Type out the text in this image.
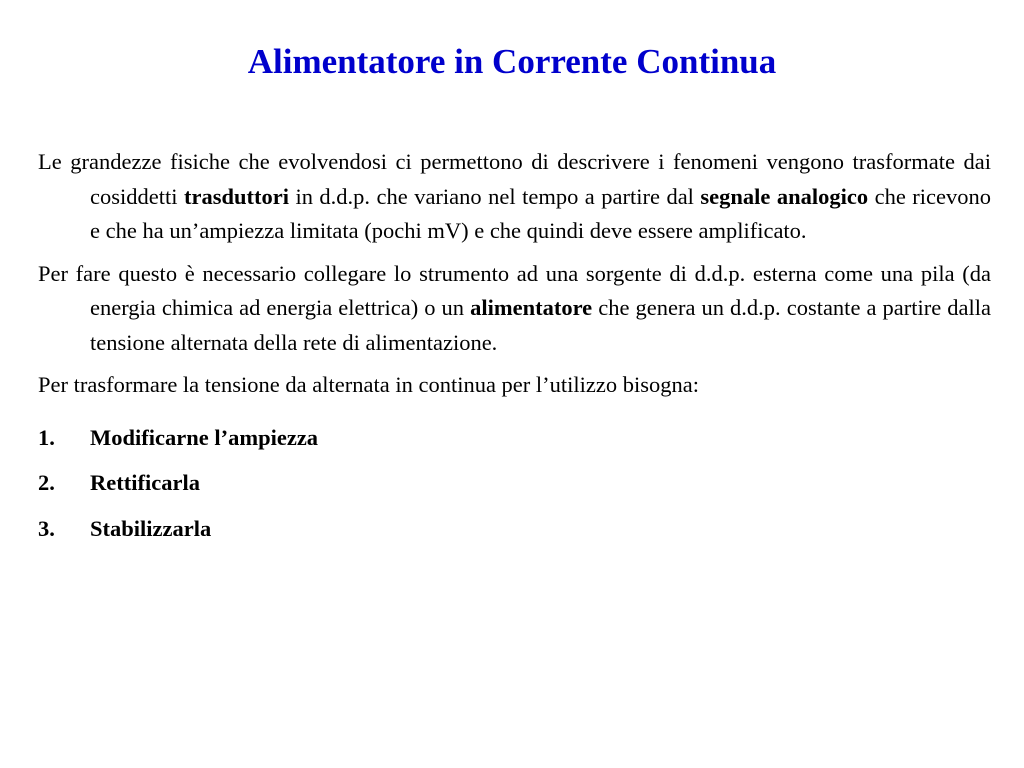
Alimentatore in Corrente Continua

Le grandezze fisiche che evolvendosi ci permettono di descrivere i fenomeni vengono trasformate dai cosiddetti trasduttori in d.d.p. che variano nel tempo a partire dal segnale analogico che ricevono e che ha un’ampiezza limitata (pochi mV) e che quindi deve essere amplificato.

Per fare questo è necessario collegare lo strumento ad una sorgente di d.d.p. esterna come una pila (da energia chimica ad energia elettrica) o un alimentatore che genera un d.d.p. costante a partire dalla tensione alternata della rete di alimentazione.

Per trasformare la tensione da alternata in continua per l’utilizzo bisogna:

1.	Modificarne l’ampiezza
2.	Rettificarla
3.	Stabilizzarla
